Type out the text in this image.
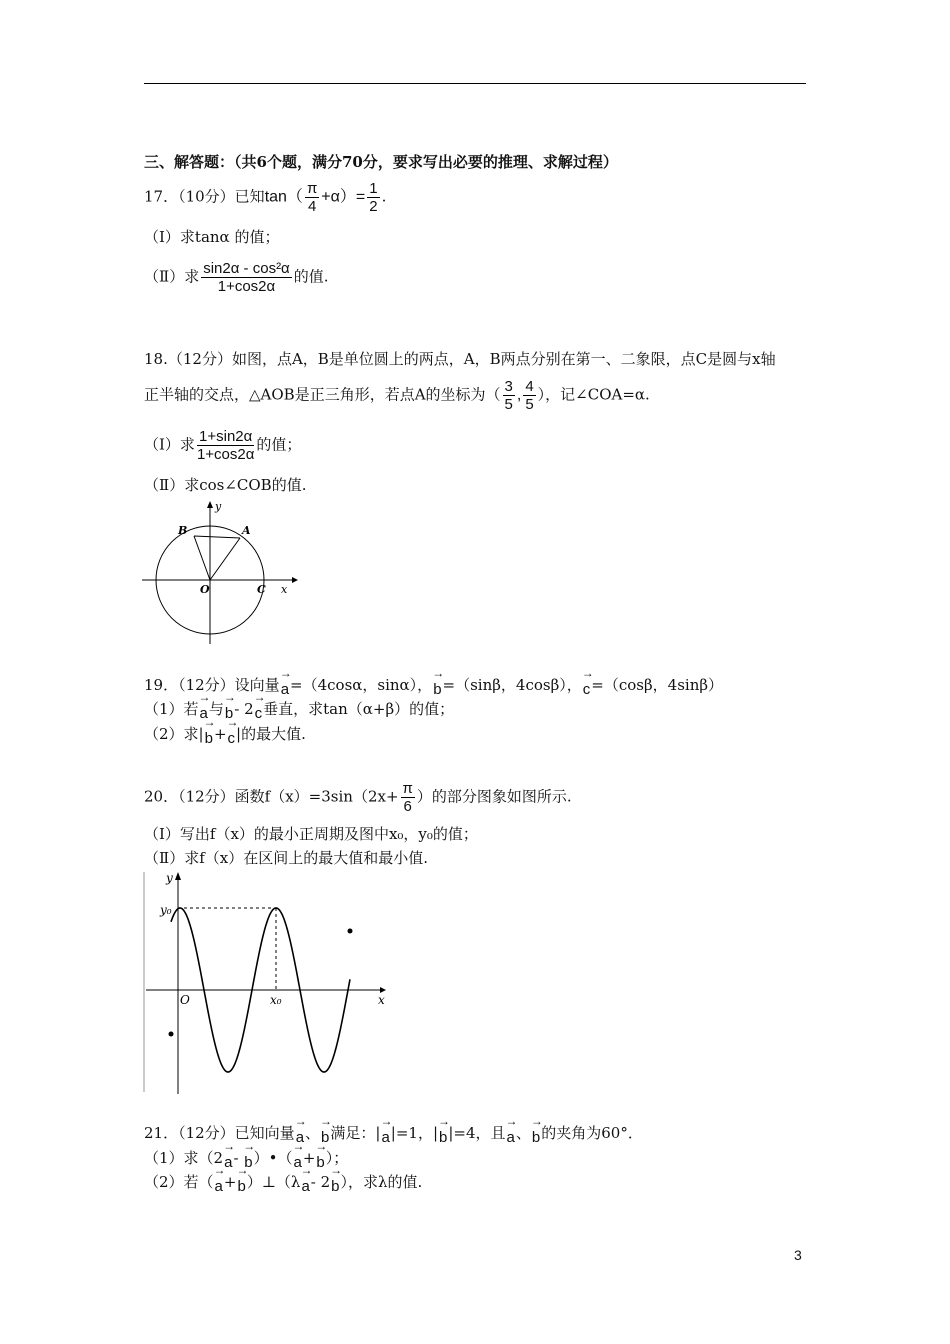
三、解答题：（共6个题，满分70分，要求写出必要的推理、求解过程）
17．（10分）已知$\tan( \frac{\pi}{4} +\alpha)= \frac{1}{2}$ .
（Ⅰ）求tanα 的值；
（Ⅱ）求 $\frac{\text{sin2α - cos²α}}{1+\cos 2\alpha}$ 的值.
18.（12分）如图，点A，B是单位圆上的两点，A，B两点分别在第一、二象限，点C是圆与x轴
正半轴的交点，△AOB是正三角形，若点A的坐标为（ $\frac{3}{5}$ , $\frac{4}{5}$ ），记∠COA=α.
（Ⅰ）求 $\frac{1+\sin 2\alpha}{1+\cos 2\alpha}$ 的值；
（Ⅱ）求cos∠COB的值.
y
x
O	C
A
B
19．（12分）设向量→ a=（4cosα，sinα），→ b=（sinβ，4cosβ），→ c=（cosβ，4sinβ）
（1）若→ a与→ b- 2→ c垂直，求tan（α+β）的值；
（2）求|→ b+→ c|的最大值.
20．（12分）函数$f(x)=3\sin(2x+ \frac{\pi}{6}$ ）的部分图象如图所示.
（Ⅰ）写出f（x）的最小正周期及图中x₀，y₀的值；
（Ⅱ）求f（x）在区间上的最大值和最小值.
y
x
O
y₀
x₀
21．（12分）已知向量→ a、→ b满足：|→ a|=1，|→ b|=4，且→ a、→ b的夹角为60°．
（1）求（2→ a- → b）•（→ a+→ b）；
（2）若（→ a+→ b）⊥（λ→ a- 2→ b），求λ的值.
3
